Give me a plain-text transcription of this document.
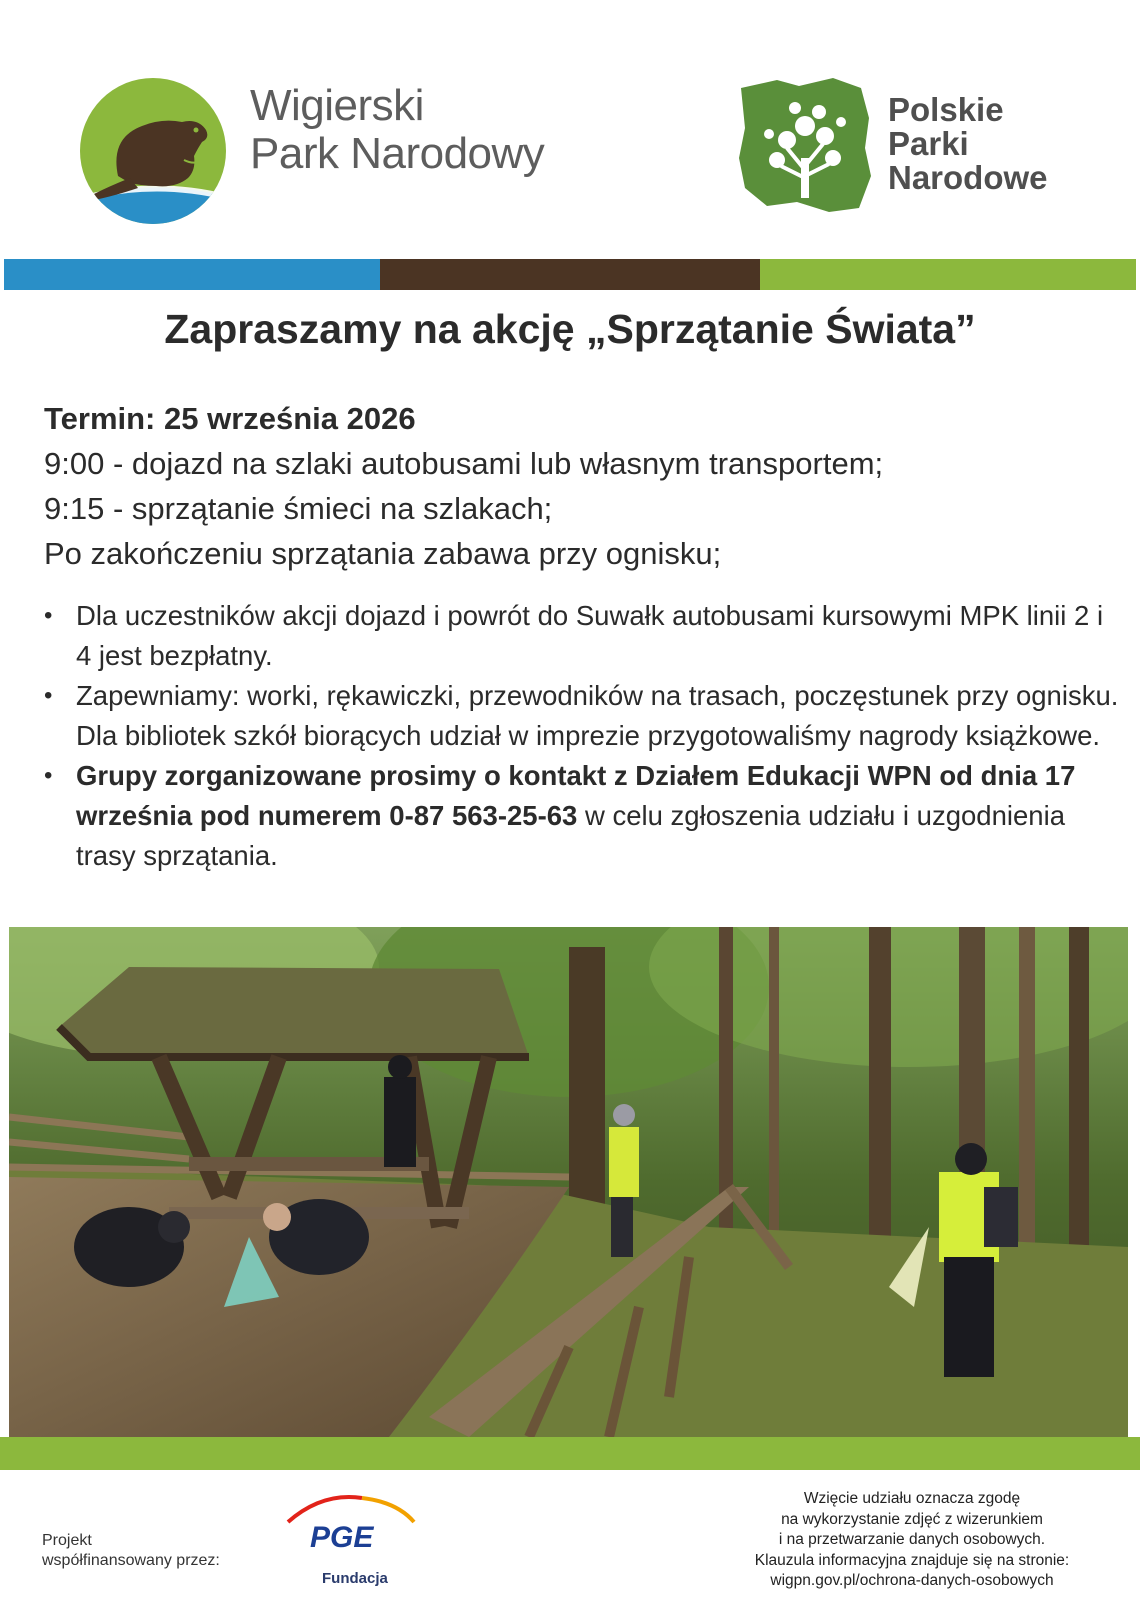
Wigierski
Park Narodowy
Polskie
Parki
Narodowe
Zapraszamy na akcję „Sprzątanie Świata”
Termin: 25 września 2026
9:00 - dojazd na szlaki autobusami lub własnym transportem;
9:15 - sprzątanie śmieci na szlakach;
Po zakończeniu sprzątania zabawa przy ognisku;
• Dla uczestników akcji dojazd i powrót do Suwałk autobusami kursowymi MPK linii 2 i 4 jest bezpłatny.
• Zapewniamy: worki, rękawiczki, przewodników na trasach, poczęstunek przy ognisku. Dla bibliotek szkół biorących udział w imprezie przygotowaliśmy nagrody książkowe.
• Grupy zorganizowane prosimy o kontakt z Działem Edukacji WPN od dnia 17 września pod numerem 0-87 563-25-63 w celu zgłoszenia udziału i uzgodnienia trasy sprzątania.
Projekt
współfinansowany przez:
PGE
Fundacja
Wzięcie udziału oznacza zgodę
na wykorzystanie zdjęć z wizerunkiem
i na przetwarzanie danych osobowych.
Klauzula informacyjna znajduje się na stronie:
wigpn.gov.pl/ochrona-danych-osobowych
